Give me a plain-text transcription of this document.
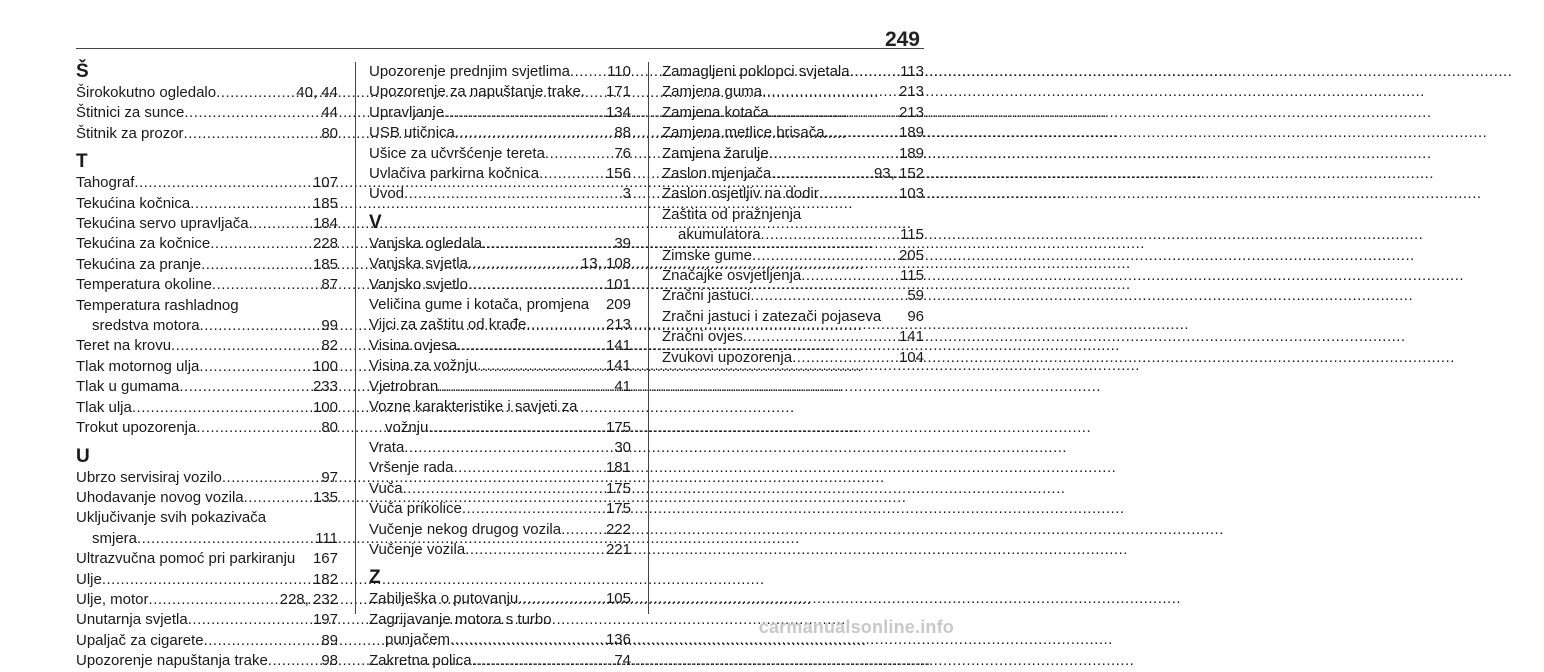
249
Š
Širokokutno ogledalo .....	40, 44
Štitnici za sunce .....	44
Štitnik za prozor .....	80
T
Tahograf .....	107
Tekućina kočnica .....	185
Tekućina servo upravljača .....	184
Tekućina za kočnice .....	228
Tekućina za pranje .....	185
Temperatura okoline .....	87
Temperatura rashladnog
sredstva motora .....	99
Teret na krovu .....	82
Tlak motornog ulja .....	100
Tlak u gumama .....	233
Tlak ulja .....	100
Trokut upozorenja .....	80
U
Ubrzo servisiraj vozilo .....	97
Uhodavanje novog vozila .....	135
Uključivanje svih pokazivača
smjera .....	111
Ultrazvučna pomoć pri parkiranju 167
Ulje .....	182
Ulje, motor .....	228, 232
Unutarnja svjetla .....	197
Upaljač za cigarete .....	89
Upozorenje napuštanja trake .....	98
Upozorenje prednjim svjetlima ..... 110
Upozorenje za napuštanje trake. 171
Upravljanje .....	134
USB utičnica .....	88
Ušice za učvršćenje tereta .....	76
Uvlačiva parkirna kočnica .....	156
Uvod .....	3
V
Vanjska ogledala .....	39
Vanjska svjetla .....	13, 108
Vanjsko svjetlo .....	101
Veličina gume i kotača, promjena 209
Vijci za zaštitu od krađe .....	213
Visina ovjesa .....	141
Visina za vožnju .....	141
Vjetrobran .....	41
Vozne karakteristike i savjeti za
vožnju .....	175
Vrata .....	30
Vršenje rada .....	181
Vuča .....	175
Vuča prikolice .....	175
Vučenje nekog drugog vozila .....	222
Vučenje vozila .....	221
Z
Zabilješka o putovanju .....	105
Zagrijavanje motora s turbo
punjačem .....	136
Zakretna polica .....	74
Zamagljeni poklopci svjetala .....	113
Zamjena guma .....	213
Zamjena kotača .....	213
Zamjena metlice brisača .....	189
Zamjena žarulje .....	189
Zaslon mjenjača .....	93, 152
Zaslon osjetljiv na dodir .....	103
Zaštita od pražnjenja
akumulatora .....	115
Zimske gume .....	205
Značajke osvjetljenja .....	115
Zračni jastuci .....	59
Zračni jastuci i zatezači pojaseva 96
Zračni ovjes .....	141
Zvukovi upozorenja .....	104
carmanualsonline.info
